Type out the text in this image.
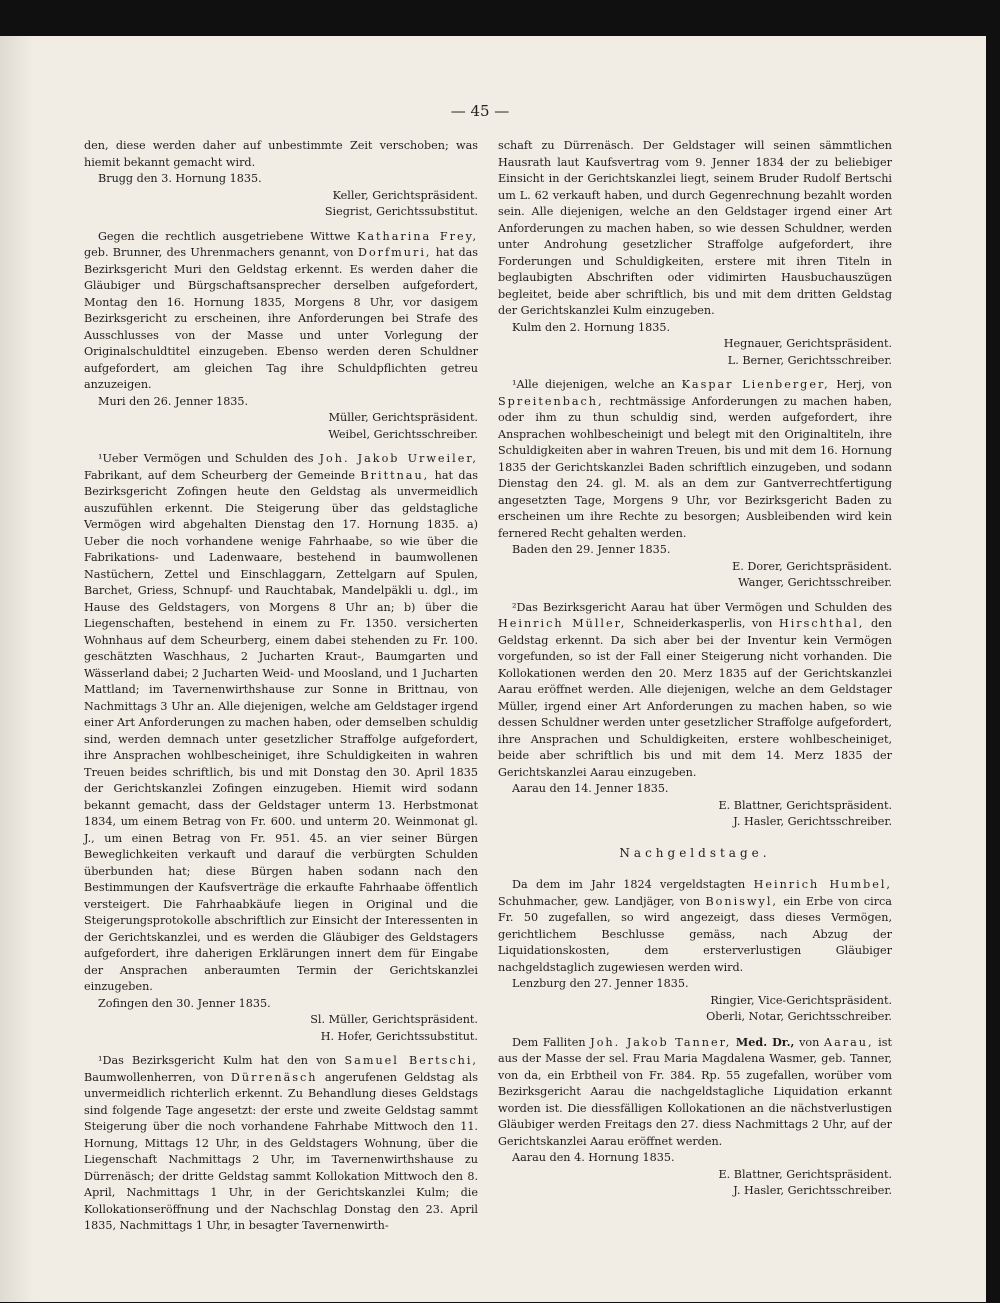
— 45 —

den, diese werden daher auf unbestimmte Zeit verschoben; was hiemit bekannt gemacht wird.

Brugg den 3. Hornung 1835.

Keller, Gerichtspräsident.

Siegrist, Gerichtssubstitut.

Gegen die rechtlich ausgetriebene Wittwe Katharina Frey, geb. Brunner, des Uhrenmachers genannt, von Dorfmuri, hat das Bezirksgericht Muri den Geldstag erkennt. Es werden daher die Gläubiger und Bürgschaftsansprecher derselben aufgefordert, Montag den 16. Hornung 1835, Morgens 8 Uhr, vor dasigem Bezirksgericht zu erscheinen, ihre Anforderungen bei Strafe des Ausschlusses von der Masse und unter Vorlegung der Originalschuldtitel einzugeben. Ebenso werden deren Schuldner aufgefordert, am gleichen Tag ihre Schuldpflichten getreu anzuzeigen.

Muri den 26. Jenner 1835.

Müller, Gerichtspräsident.

Weibel, Gerichtsschreiber.

¹Ueber Vermögen und Schulden des Joh. Jakob Urweiler, Fabrikant, auf dem Scheurberg der Gemeinde Brittnau, hat das Bezirksgericht Zofingen heute den Geldstag als unvermeidlich auszufühlen erkennt. Die Steigerung über das geldstagliche Vermögen wird abgehalten Dienstag den 17. Hornung 1835. a) Ueber die noch vorhandene wenige Fahrhaabe, so wie über die Fabrikations- und Ladenwaare, bestehend in baumwollenen Nastüchern, Zettel und Einschlaggarn, Zettelgarn auf Spulen, Barchet, Griess, Schnupf- und Rauchtabak, Mandelpäkli u. dgl., im Hause des Geldstagers, von Morgens 8 Uhr an; b) über die Liegenschaften, bestehend in einem zu Fr. 1350. versicherten Wohnhaus auf dem Scheurberg, einem dabei stehenden zu Fr. 100. geschätzten Waschhaus, 2 Jucharten Kraut-, Baumgarten und Wässerland dabei; 2 Jucharten Weid- und Moosland, und 1 Jucharten Mattland; im Tavernenwirthshause zur Sonne in Brittnau, von Nachmittags 3 Uhr an. Alle diejenigen, welche am Geldstager irgend einer Art Anforderungen zu machen haben, oder demselben schuldig sind, werden demnach unter gesetzlicher Straffolge aufgefordert, ihre Ansprachen wohlbescheiniget, ihre Schuldigkeiten in wahren Treuen beides schriftlich, bis und mit Donstag den 30. April 1835 der Gerichtskanzlei Zofingen einzugeben. Hiemit wird sodann bekannt gemacht, dass der Geldstager unterm 13. Herbstmonat 1834, um einem Betrag von Fr. 600. und unterm 20. Weinmonat gl. J., um einen Betrag von Fr. 951. 45. an vier seiner Bürgen Beweglichkeiten verkauft und darauf die verbürgten Schulden überbunden hat; diese Bürgen haben sodann nach den Bestimmungen der Kaufsverträge die erkaufte Fahrhaabe öffentlich versteigert. Die Fahrhaabkäufe liegen in Original und die Steigerungsprotokolle abschriftlich zur Einsicht der Interessenten in der Gerichtskanzlei, und es werden die Gläubiger des Geldstagers aufgefordert, ihre daherigen Erklärungen innert dem für Eingabe der Ansprachen anberaumten Termin der Gerichtskanzlei einzugeben.

Zofingen den 30. Jenner 1835.

Sl. Müller, Gerichtspräsident.

H. Hofer, Gerichtssubstitut.

¹Das Bezirksgericht Kulm hat den von Samuel Bertschi, Baumwollenherren, von Dürrenäsch angerufenen Geldstag als unvermeidlich richterlich erkennt. Zu Behandlung dieses Geldstags sind folgende Tage angesetzt: der erste und zweite Geldstag sammt Steigerung über die noch vorhandene Fahrhabe Mittwoch den 11. Hornung, Mittags 12 Uhr, in des Geldstagers Wohnung, über die Liegenschaft Nachmittags 2 Uhr, im Tavernenwirthshause zu Dürrenäsch; der dritte Geldstag sammt Kollokation Mittwoch den 8. April, Nachmittags 1 Uhr, in der Gerichtskanzlei Kulm; die Kollokationseröffnung und der Nachschlag Donstag den 23. April 1835, Nachmittags 1 Uhr, in besagter Tavernenwirth-

schaft zu Dürrenäsch. Der Geldstager will seinen sämmtlichen Hausrath laut Kaufsvertrag vom 9. Jenner 1834 der zu beliebiger Einsicht in der Gerichtskanzlei liegt, seinem Bruder Rudolf Bertschi um L. 62 verkauft haben, und durch Gegenrechnung bezahlt worden sein. Alle diejenigen, welche an den Geldstager irgend einer Art Anforderungen zu machen haben, so wie dessen Schuldner, werden unter Androhung gesetzlicher Straffolge aufgefordert, ihre Forderungen und Schuldigkeiten, erstere mit ihren Titeln in beglaubigten Abschriften oder vidimirten Hausbuchauszügen begleitet, beide aber schriftlich, bis und mit dem dritten Geldstag der Gerichtskanzlei Kulm einzugeben.

Kulm den 2. Hornung 1835.

Hegnauer, Gerichtspräsident.

L. Berner, Gerichtsschreiber.

¹Alle diejenigen, welche an Kaspar Lienberger, Herj, von Spreitenbach, rechtmässige Anforderungen zu machen haben, oder ihm zu thun schuldig sind, werden aufgefordert, ihre Ansprachen wohlbescheinigt und belegt mit den Originaltiteln, ihre Schuldigkeiten aber in wahren Treuen, bis und mit dem 16. Hornung 1835 der Gerichtskanzlei Baden schriftlich einzugeben, und sodann Dienstag den 24. gl. M. als an dem zur Gantverrechtfertigung angesetzten Tage, Morgens 9 Uhr, vor Bezirksgericht Baden zu erscheinen um ihre Rechte zu besorgen; Ausbleibenden wird kein fernered Recht gehalten werden.

Baden den 29. Jenner 1835.

E. Dorer, Gerichtspräsident.

Wanger, Gerichtsschreiber.

²Das Bezirksgericht Aarau hat über Vermögen und Schulden des Heinrich Müller, Schneiderkasperlis, von Hirschthal, den Geldstag erkennt. Da sich aber bei der Inventur kein Vermögen vorgefunden, so ist der Fall einer Steigerung nicht vorhanden. Die Kollokationen werden den 20. Merz 1835 auf der Gerichtskanzlei Aarau eröffnet werden. Alle diejenigen, welche an dem Geldstager Müller, irgend einer Art Anforderungen zu machen haben, so wie dessen Schuldner werden unter gesetzlicher Straffolge aufgefordert, ihre Ansprachen und Schuldigkeiten, erstere wohlbescheiniget, beide aber schriftlich bis und mit dem 14. Merz 1835 der Gerichtskanzlei Aarau einzugeben.

Aarau den 14. Jenner 1835.

E. Blattner, Gerichtspräsident.

J. Hasler, Gerichtsschreiber.

Nachgeldstage.

Da dem im Jahr 1824 vergeldstagten Heinrich Humbel, Schuhmacher, gew. Landjäger, von Boniswyl, ein Erbe von circa Fr. 50 zugefallen, so wird angezeigt, dass dieses Vermögen, gerichtlichem Beschlusse gemäss, nach Abzug der Liquidationskosten, dem ersterverlustigen Gläubiger nachgeldstaglich zugewiesen werden wird.

Lenzburg den 27. Jenner 1835.

Ringier, Vice-Gerichtspräsident.

Oberli, Notar, Gerichtsschreiber.

Dem Falliten Joh. Jakob Tanner, Med. Dr., von Aarau, ist aus der Masse der sel. Frau Maria Magdalena Wasmer, geb. Tanner, von da, ein Erbtheil von Fr. 384. Rp. 55 zugefallen, worüber vom Bezirksgericht Aarau die nachgeldstagliche Liquidation erkannt worden ist. Die diessfälligen Kollokationen an die nächstverlustigen Gläubiger werden Freitags den 27. diess Nachmittags 2 Uhr, auf der Gerichtskanzlei Aarau eröffnet werden.

Aarau den 4. Hornung 1835.

E. Blattner, Gerichtspräsident.

J. Hasler, Gerichtsschreiber.
